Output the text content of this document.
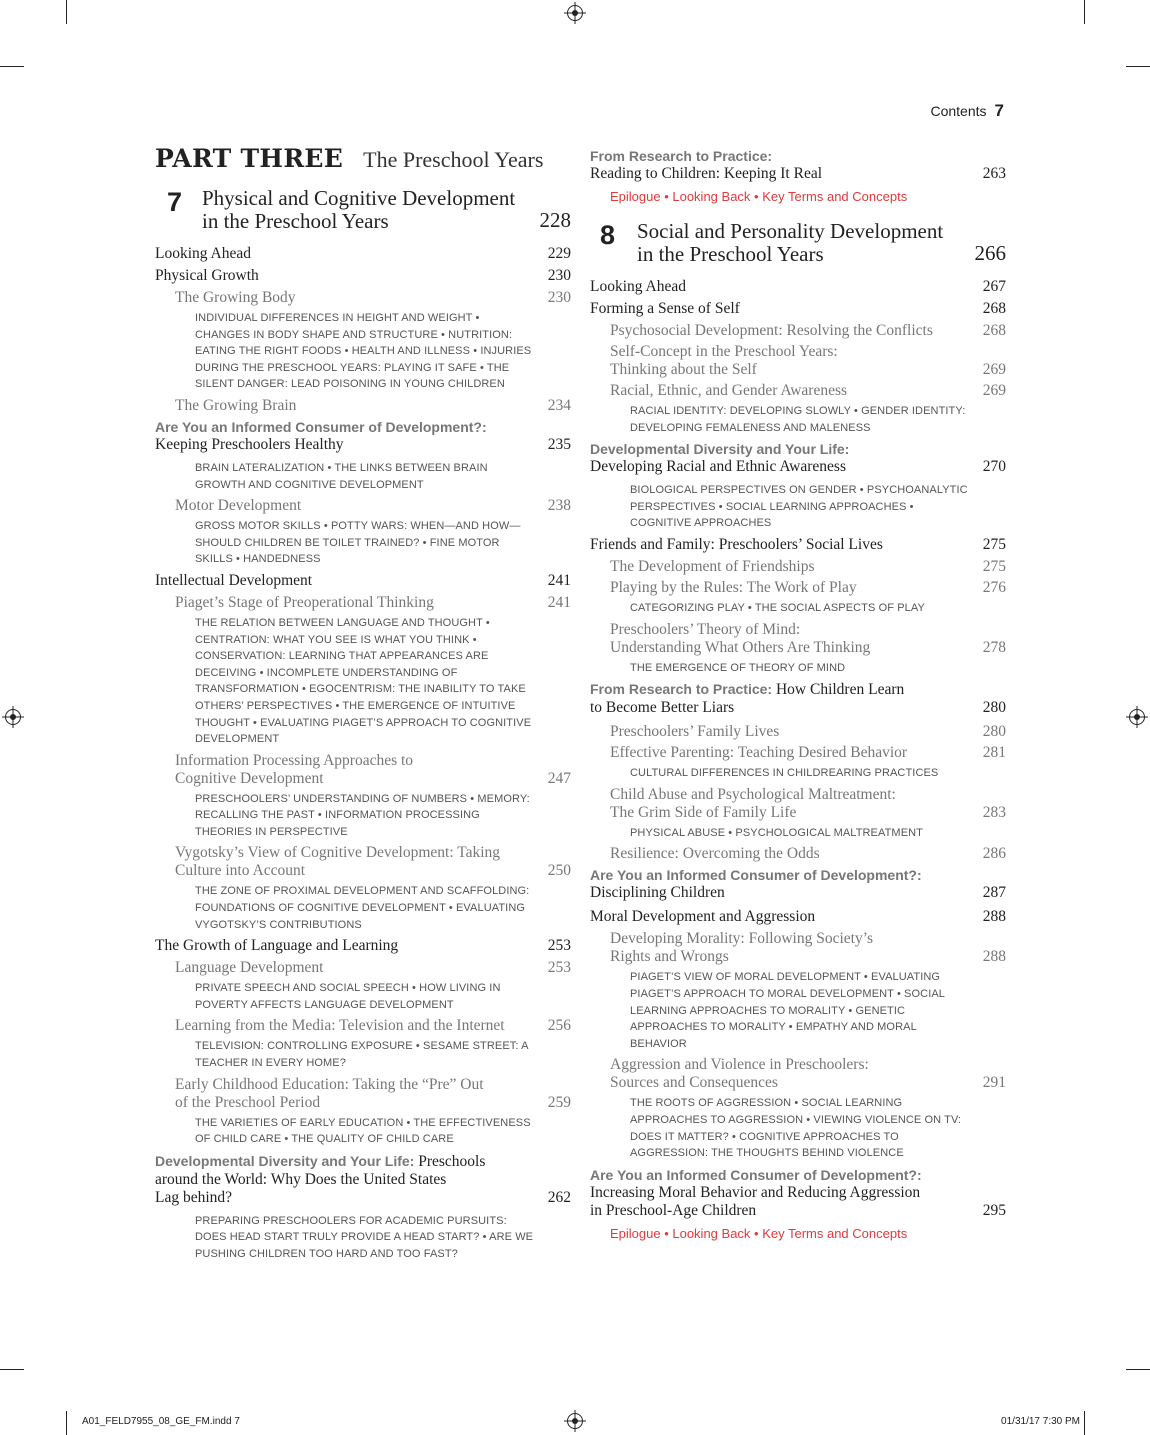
Contents 7
PART THREE The Preschool Years
7 Physical and Cognitive Development in the Preschool Years	228
Looking Ahead	229
Physical Growth	230
The Growing Body	230
INDIVIDUAL DIFFERENCES IN HEIGHT AND WEIGHT • CHANGES IN BODY SHAPE AND STRUCTURE • NUTRITION: EATING THE RIGHT FOODS • HEALTH AND ILLNESS • INJURIES DURING THE PRESCHOOL YEARS: PLAYING IT SAFE • THE SILENT DANGER: LEAD POISONING IN YOUNG CHILDREN
The Growing Brain	234
Are You an Informed Consumer of Development?:
Keeping Preschoolers Healthy	235
BRAIN LATERALIZATION • THE LINKS BETWEEN BRAIN GROWTH AND COGNITIVE DEVELOPMENT
Motor Development	238
GROSS MOTOR SKILLS • POTTY WARS: WHEN—AND HOW—SHOULD CHILDREN BE TOILET TRAINED? • FINE MOTOR SKILLS • HANDEDNESS
Intellectual Development	241
Piaget’s Stage of Preoperational Thinking	241
THE RELATION BETWEEN LANGUAGE AND THOUGHT • CENTRATION: WHAT YOU SEE IS WHAT YOU THINK • CONSERVATION: LEARNING THAT APPEARANCES ARE DECEIVING • INCOMPLETE UNDERSTANDING OF TRANSFORMATION • EGOCENTRISM: THE INABILITY TO TAKE OTHERS’ PERSPECTIVES • THE EMERGENCE OF INTUITIVE THOUGHT • EVALUATING PIAGET’S APPROACH TO COGNITIVE DEVELOPMENT
Information Processing Approaches to
Cognitive Development	247
PRESCHOOLERS’ UNDERSTANDING OF NUMBERS • MEMORY: RECALLING THE PAST • INFORMATION PROCESSING THEORIES IN PERSPECTIVE
Vygotsky’s View of Cognitive Development: Taking
Culture into Account	250
THE ZONE OF PROXIMAL DEVELOPMENT AND SCAFFOLDING: FOUNDATIONS OF COGNITIVE DEVELOPMENT • EVALUATING VYGOTSKY’S CONTRIBUTIONS
The Growth of Language and Learning	253
Language Development	253
PRIVATE SPEECH AND SOCIAL SPEECH • HOW LIVING IN POVERTY AFFECTS LANGUAGE DEVELOPMENT
Learning from the Media: Television and the Internet	256
TELEVISION: CONTROLLING EXPOSURE • SESAME STREET: A TEACHER IN EVERY HOME?
Early Childhood Education: Taking the “Pre” Out
of the Preschool Period	259
THE VARIETIES OF EARLY EDUCATION • THE EFFECTIVENESS OF CHILD CARE • THE QUALITY OF CHILD CARE
Developmental Diversity and Your Life: Preschools
around the World: Why Does the United States
Lag behind?	262
PREPARING PRESCHOOLERS FOR ACADEMIC PURSUITS: DOES HEAD START TRULY PROVIDE A HEAD START? • ARE WE PUSHING CHILDREN TOO HARD AND TOO FAST?
From Research to Practice:
Reading to Children: Keeping It Real	263
Epilogue • Looking Back • Key Terms and Concepts
8 Social and Personality Development in the Preschool Years	266
Looking Ahead	267
Forming a Sense of Self	268
Psychosocial Development: Resolving the Conflicts	268
Self-Concept in the Preschool Years:
Thinking about the Self	269
Racial, Ethnic, and Gender Awareness	269
RACIAL IDENTITY: DEVELOPING SLOWLY • GENDER IDENTITY: DEVELOPING FEMALENESS AND MALENESS
Developmental Diversity and Your Life:
Developing Racial and Ethnic Awareness	270
BIOLOGICAL PERSPECTIVES ON GENDER • PSYCHOANALYTIC PERSPECTIVES • SOCIAL LEARNING APPROACHES • COGNITIVE APPROACHES
Friends and Family: Preschoolers’ Social Lives	275
The Development of Friendships	275
Playing by the Rules: The Work of Play	276
CATEGORIZING PLAY • THE SOCIAL ASPECTS OF PLAY
Preschoolers’ Theory of Mind:
Understanding What Others Are Thinking	278
THE EMERGENCE OF THEORY OF MIND
From Research to Practice: How Children Learn
to Become Better Liars	280
Preschoolers’ Family Lives	280
Effective Parenting: Teaching Desired Behavior	281
CULTURAL DIFFERENCES IN CHILDREARING PRACTICES
Child Abuse and Psychological Maltreatment:
The Grim Side of Family Life	283
PHYSICAL ABUSE • PSYCHOLOGICAL MALTREATMENT
Resilience: Overcoming the Odds	286
Are You an Informed Consumer of Development?:
Disciplining Children	287
Moral Development and Aggression	288
Developing Morality: Following Society’s
Rights and Wrongs	288
PIAGET’S VIEW OF MORAL DEVELOPMENT • EVALUATING PIAGET’S APPROACH TO MORAL DEVELOPMENT • SOCIAL LEARNING APPROACHES TO MORALITY • GENETIC APPROACHES TO MORALITY • EMPATHY AND MORAL BEHAVIOR
Aggression and Violence in Preschoolers:
Sources and Consequences	291
THE ROOTS OF AGGRESSION • SOCIAL LEARNING APPROACHES TO AGGRESSION • VIEWING VIOLENCE ON TV: DOES IT MATTER? • COGNITIVE APPROACHES TO AGGRESSION: THE THOUGHTS BEHIND VIOLENCE
Are You an Informed Consumer of Development?:
Increasing Moral Behavior and Reducing Aggression
in Preschool-Age Children	295
Epilogue • Looking Back • Key Terms and Concepts
A01_FELD7955_08_GE_FM.indd 7	01/31/17 7:30 PM
